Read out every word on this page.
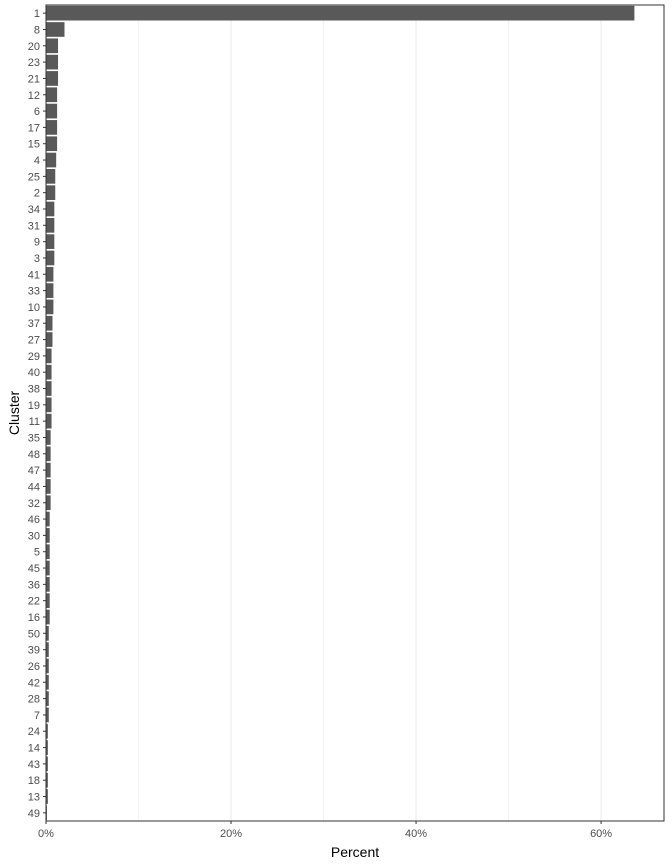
1
8
20
23
21
12
6
17
15
4
25
2
34
31
9
3
41
33
10
37
27
29
40
38
19
11
35
48
47
44
32
46
30
5
45
36
22
16
50
39
26
42
28
7
24
14
43
18
13
49
0%	20%	40%	60%
Percent
Cluster
